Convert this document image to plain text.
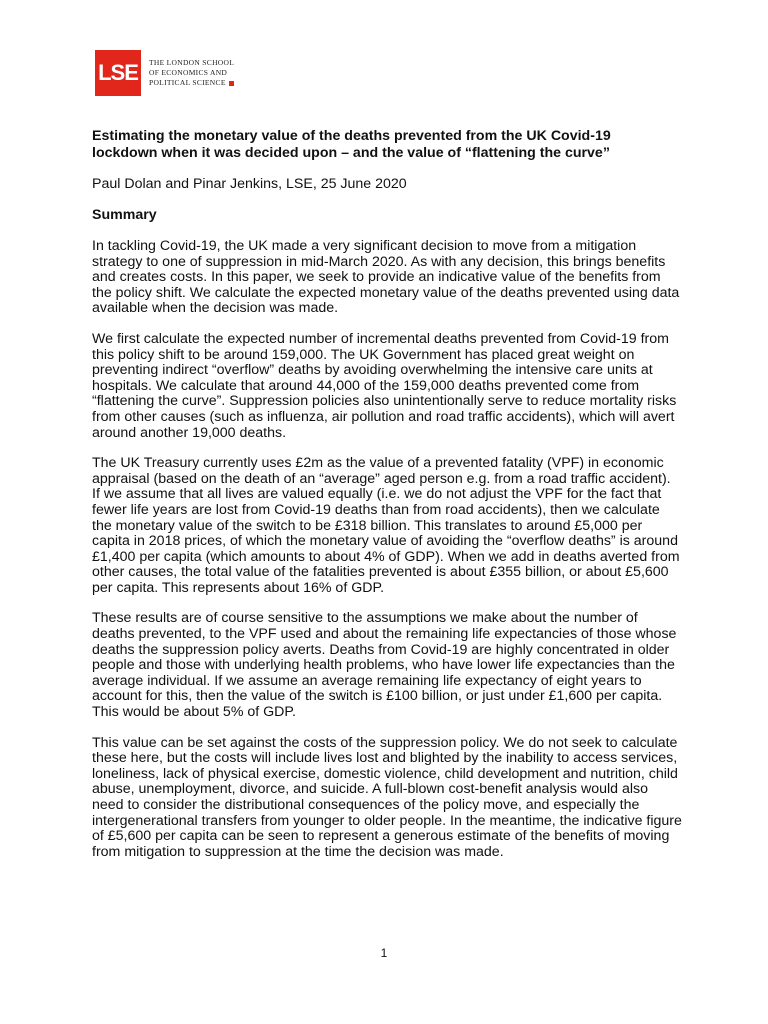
LSE	THE LONDON SCHOOL
OF ECONOMICS AND
POLITICAL SCIENCE

Estimating the monetary value of the deaths prevented from the UK Covid-19
lockdown when it was decided upon – and the value of “flattening the curve”

Paul Dolan and Pinar Jenkins, LSE, 25 June 2020

Summary

In tackling Covid-19, the UK made a very significant decision to move from a mitigation strategy to one of suppression in mid-March 2020. As with any decision, this brings benefits and creates costs. In this paper, we seek to provide an indicative value of the benefits from the policy shift. We calculate the expected monetary value of the deaths prevented using data available when the decision was made.

We first calculate the expected number of incremental deaths prevented from Covid-19 from this policy shift to be around 159,000. The UK Government has placed great weight on preventing indirect “overflow” deaths by avoiding overwhelming the intensive care units at hospitals. We calculate that around 44,000 of the 159,000 deaths prevented come from “flattening the curve”. Suppression policies also unintentionally serve to reduce mortality risks from other causes (such as influenza, air pollution and road traffic accidents), which will avert around another 19,000 deaths.

The UK Treasury currently uses £2m as the value of a prevented fatality (VPF) in economic appraisal (based on the death of an “average” aged person e.g. from a road traffic accident). If we assume that all lives are valued equally (i.e. we do not adjust the VPF for the fact that fewer life years are lost from Covid-19 deaths than from road accidents), then we calculate the monetary value of the switch to be £318 billion. This translates to around £5,000 per capita in 2018 prices, of which the monetary value of avoiding the “overflow deaths” is around £1,400 per capita (which amounts to about 4% of GDP). When we add in deaths averted from other causes, the total value of the fatalities prevented is about £355 billion, or about £5,600 per capita. This represents about 16% of GDP.

These results are of course sensitive to the assumptions we make about the number of deaths prevented, to the VPF used and about the remaining life expectancies of those whose deaths the suppression policy averts. Deaths from Covid-19 are highly concentrated in older people and those with underlying health problems, who have lower life expectancies than the average individual. If we assume an average remaining life expectancy of eight years to account for this, then the value of the switch is £100 billion, or just under £1,600 per capita. This would be about 5% of GDP.

This value can be set against the costs of the suppression policy. We do not seek to calculate these here, but the costs will include lives lost and blighted by the inability to access services, loneliness, lack of physical exercise, domestic violence, child development and nutrition, child abuse, unemployment, divorce, and suicide. A full-blown cost-benefit analysis would also need to consider the distributional consequences of the policy move, and especially the intergenerational transfers from younger to older people. In the meantime, the indicative figure of £5,600 per capita can be seen to represent a generous estimate of the benefits of moving from mitigation to suppression at the time the decision was made.

1
